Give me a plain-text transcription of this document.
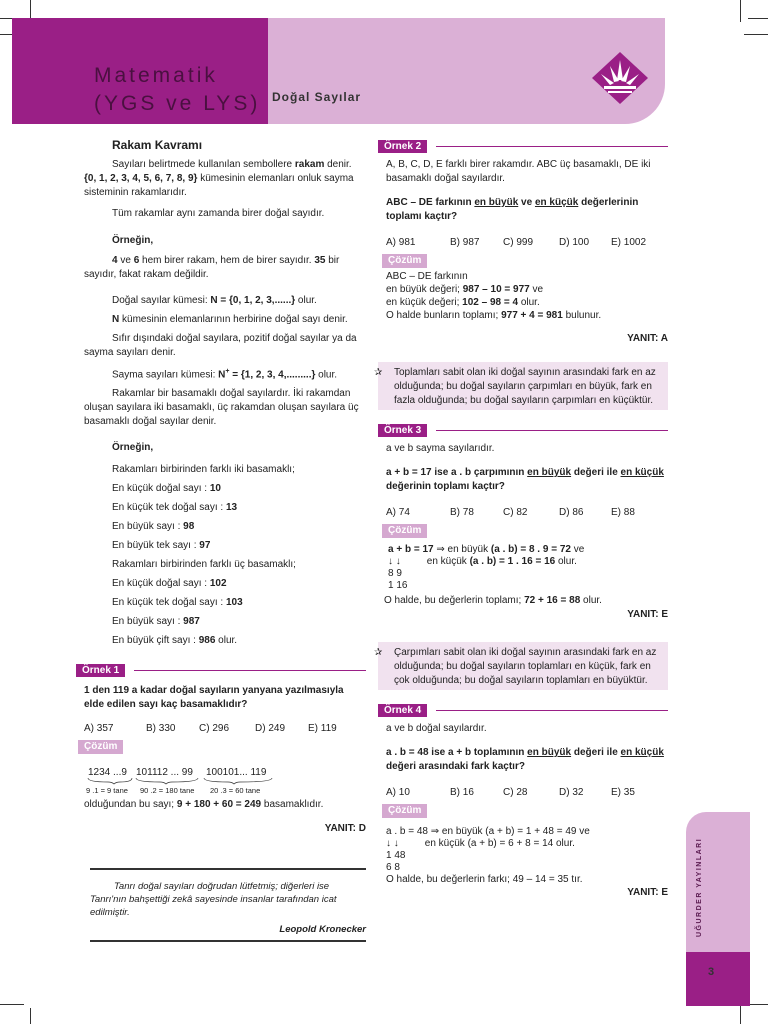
Matematik
(YGS ve LYS) Doğal Sayılar
Rakam Kavramı

Sayıları belirtmede kullanılan sembollere rakam denir. {0, 1, 2, 3, 4, 5, 6, 7, 8, 9} kümesinin elemanları onluk sayma sisteminin rakamlarıdır.

Tüm rakamlar aynı zamanda birer doğal sayıdır.

Örneğin,

4 ve 6 hem birer rakam, hem de birer sayıdır. 35 bir sayıdır, fakat rakam değildir.

Doğal sayılar kümesi: N = {0, 1, 2, 3,......} olur.

N kümesinin elemanlarının herbirine doğal sayı denir.

Sıfır dışındaki doğal sayılara, pozitif doğal sayılar ya da sayma sayıları denir.

Sayma sayıları kümesi: N+ = {1, 2, 3, 4,.........} olur.

Rakamlar bir basamaklı doğal sayılardır. İki rakamdan oluşan sayılara iki basamaklı, üç rakamdan oluşan sayılara üç basamaklı doğal sayılar denir.

Örneğin,

Rakamları birbirinden farklı iki basamaklı;
En küçük doğal sayı : 10
En küçük tek doğal sayı : 13
En büyük sayı : 98
En büyük tek sayı : 97
Rakamları birbirinden farklı üç basamaklı;
En küçük doğal sayı : 102
En küçük tek doğal sayı : 103
En büyük sayı : 987
En büyük çift sayı : 986 olur.
Örnek 1

1 den 119 a kadar doğal sayıların yanyana yazılmasıyla elde edilen sayı kaç basamaklıdır?

A) 357	B) 330	C) 296	D) 249	E) 119
Çözüm
1234 ...9 101112 ... 99 100101... 119
9 .1 = 9 tane 90 .2 = 180 tane 20 .3 = 60 tane

olduğundan bu sayı; 9 + 180 + 60 = 249 basamaklıdır.

YANIT: D

Tanrı doğal sayıları doğrudan lütfetmiş; diğerleri ise Tanrı'nın bahşettiği zekâ sayesinde insanlar tarafından icat edilmiştir.

Leopold Kronecker

Örnek 2

A, B, C, D, E farklı birer rakamdır. ABC üç basamaklı, DE iki basamaklı doğal sayılardır.

ABC – DE farkının en büyük ve en küçük değerlerinin toplamı kaçtır?

A) 981	B) 987	C) 999	D) 100	E) 1002
Çözüm
ABC – DE farkının
en büyük değeri; 987 – 10 = 977 ve
en küçük değeri; 102 – 98 = 4 olur.
O halde bunların toplamı; 977 + 4 = 981 bulunur.

YANIT: A

✰ Toplamları sabit olan iki doğal sayının arasındaki fark en az olduğunda; bu doğal sayıların çarpımları en büyük, fark en fazla olduğunda; bu doğal sayıların çarpımları en küçüktür.
Örnek 3

a ve b sayma sayılarıdır.

a + b = 17 ise a . b çarpımının en büyük değeri ile en küçük değerinin toplamı kaçtır?

A) 74	B) 78	C) 82	D) 86	E) 88
Çözüm
a + b = 17 ⇒ en büyük (a . b) = 8 . 9 = 72 ve
↓ ↓	en küçük (a . b) = 1 . 16 = 16 olur.
8 9
1 16

O halde, bu değerlerin toplamı; 72 + 16 = 88 olur.

YANIT: E

✰ Çarpımları sabit olan iki doğal sayının arasındaki fark en az olduğunda; bu doğal sayıların toplamları en küçük, fark en çok olduğunda; bu doğal sayıların toplamları en büyüktür.
Örnek 4

a ve b doğal sayılardır.

a . b = 48 ise a + b toplamının en büyük değeri ile en küçük değeri arasındaki fark kaçtır?

A) 10	B) 16	C) 28	D) 32	E) 35
Çözüm
a . b = 48 ⇒ en büyük (a + b) = 1 + 48 = 49 ve
↓ ↓	en küçük (a + b) = 6 + 8 = 14 olur.
1 48
6 8
O halde, bu değerlerin farkı; 49 – 14 = 35 tır.

YANIT: E	UĞURDER YAYINLARI
3
